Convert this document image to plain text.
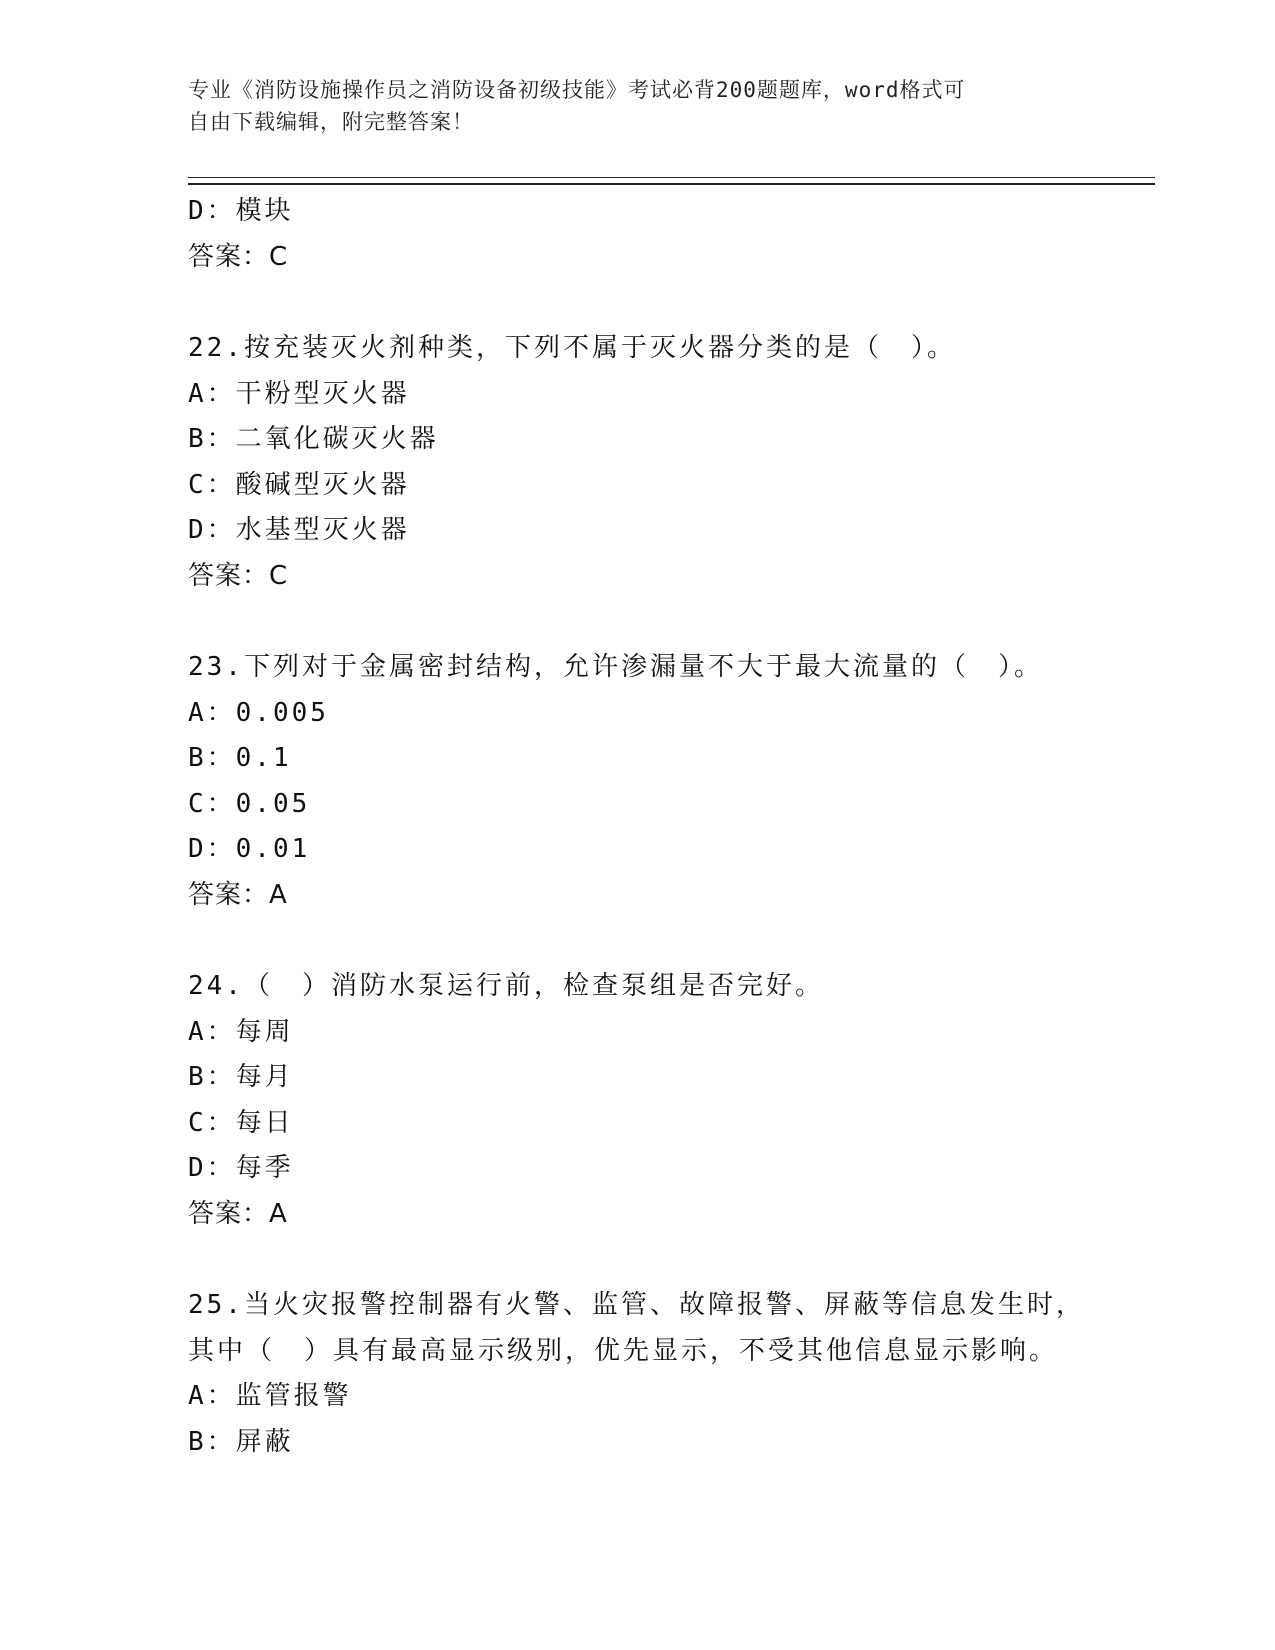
专业《消防设施操作员之消防设备初级技能》考试必背200题题库，word格式可
自由下载编辑，附完整答案！
D：模块
答案：C
22.按充装灭火剂种类，下列不属于灭火器分类的是（　）。
A：干粉型灭火器
B：二氧化碳灭火器
C：酸碱型灭火器
D：水基型灭火器
答案：C
23.下列对于金属密封结构，允许渗漏量不大于最大流量的（　）。
A：0.005
B：0.1
C：0.05
D：0.01
答案：A
24.（　）消防水泵运行前，检查泵组是否完好。
A：每周
B：每月
C：每日
D：每季
答案：A
25.当火灾报警控制器有火警、监管、故障报警、屏蔽等信息发生时，
其中（　）具有最高显示级别，优先显示，不受其他信息显示影响。
A：监管报警
B：屏蔽
